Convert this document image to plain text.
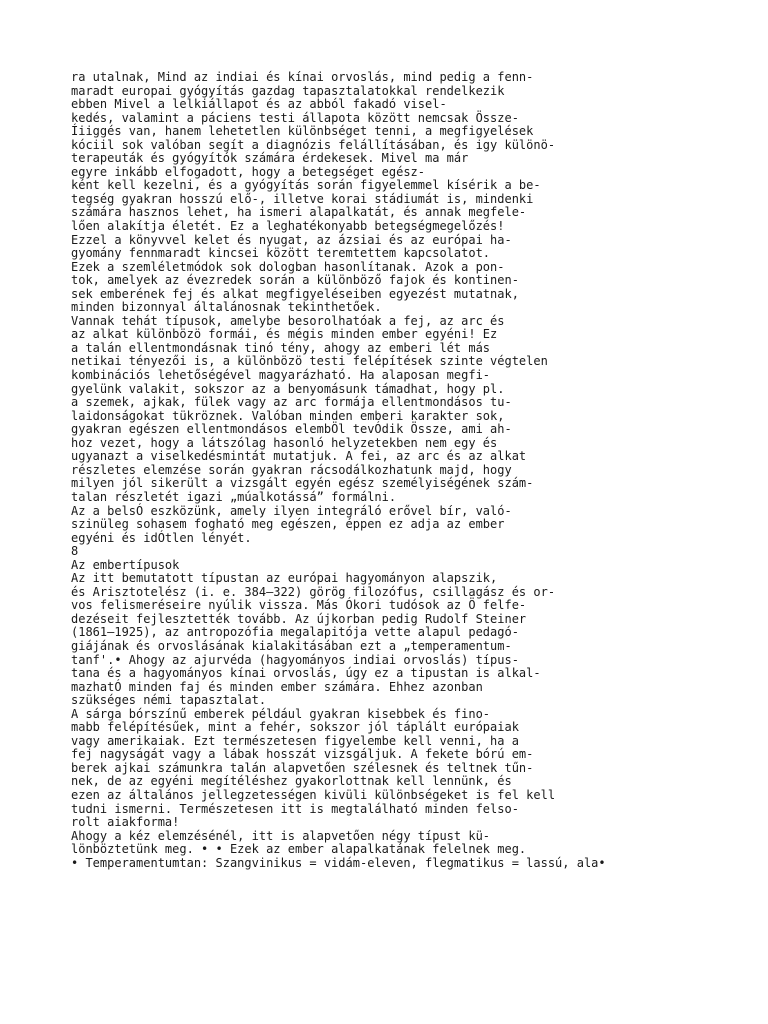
ra utalnak, Mind az indiai és kínai orvoslás, mind pedig a fenn-
maradt europai gyógyítás gazdag tapasztalatokkal rendelkezik
ebben Mivel a lelkiállapot és az abból fakadó visel-
kedés, valamint a páciens testi állapota között nemcsak Össze-
Íiiggés van, hanem lehetetlen különbséget tenni, a megfigyelések
kóciil sok valóban segít a diagnózis felállításában, és igy különö-
terapeuták és gyógyítók számára érdekesek. Mivel ma már
egyre inkább elfogadott, hogy a betegséget egész-
ként kell kezelni, és a gyógyítás során figyelemmel kísérik a be-
tegség gyakran hosszú elő-, illetve korai stádiumát is, mindenki
számára hasznos lehet, ha ismeri alapalkatát, és annak megfele-
lően alakítja életét. Ez a leghatékonyabb betegségmegelőzés!
Ezzel a könyvvel kelet és nyugat, az ázsiai és az európai ha-
gyomány fennmaradt kincsei között teremtettem kapcsolatot.
Ezek a szemléletmódok sok dologban hasonlítanak. Azok a pon-
tok, amelyek az évezredek során a különböző fajok és kontinen-
sek emberének fej és alkat megfigyeléseiben egyezést mutatnak,
minden bizonnyal általánosnak tekinthetőek.
Vannak tehát típusok, amelybe besorolhatóak a fej, az arc és
az alkat különbözö formái, és mégis minden ember egyéni! Ez
a talán ellentmondásnak tinó tény, ahogy az emberi lét más
netikai tényezői is, a különbözö testi felépítések szinte végtelen
kombinációs lehetőségével magyarázható. Ha alaposan megfi-
gyelünk valakit, sokszor az a benyomásunk támadhat, hogy pl.
a szemek, ajkak, fülek vagy az arc formája ellentmondásos tu-
laidonságokat tükröznek. Valóban minden emberi karakter sok,
gyakran egészen ellentmondásos elembÖl tevÓdik Össze, ami ah-
hoz vezet, hogy a látszólag hasonló helyzetekben nem egy és
ugyanazt a viselkedésmintát mutatjuk. A fei, az arc és az alkat
részletes elemzése során gyakran rácsodálkozhatunk majd, hogy
milyen jól sikerült a vizsgált egyén egész személyiségének szám-
talan részletét igazi „múalkotássá” formálni.
Az a belsÓ eszközünk, amely ilyen integráló erővel bír, való-
szinüleg sohasem fogható meg egészen, éppen ez adja az ember
egyéni és idÓtlen lényét.
8
Az embertípusok
Az itt bemutatott típustan az európai hagyományon alapszik,
és Arisztotelész (i. e. 384—322) görög filozófus, csillagász és or-
vos felismeréseire nyúlik vissza. Más Ókori tudósok az Ö felfe-
dezéseit fejlesztették tovább. Az újkorban pedig Rudolf Steiner
(1861—1925), az antropozófia megalapitója vette alapul pedagó-
giájának és orvoslásának kialakitásában ezt a „temperamentum-
tanf'.• Ahogy az ajurvéda (hagyományos indiai orvoslás) típus-
tana és a hagyományos kínai orvoslás, úgy ez a tipustan is alkal-
mazhatÓ minden faj és minden ember számára. Ehhez azonban
szükséges némi tapasztalat.
A sárga bórszínű emberek például gyakran kisebbek és fino-
mabb felépítésűek, mint a fehér, sokszor jól táplált európaiak
vagy amerikaiak. Ezt természetesen figyelembe kell venni, ha a
fej nagyságát vagy a lábak hosszát vizsgáljuk. A fekete bórú em-
berek ajkai számunkra talán alapvetően szélesnek és teltnek tűn-
nek, de az egyéni megítéléshez gyakorlottnak kell lennünk, és
ezen az általános jellegzetességen kivüli különbségeket is fel kell
tudni ismerni. Természetesen itt is megtalálható minden felso-
rolt aiakforma!
Ahogy a kéz elemzésénél, itt is alapvetően négy típust kü-
lönböztetünk meg. • • Ezek az ember alapalkatának felelnek meg.
• Temperamentumtan: Szangvinikus = vidám-eleven, flegmatikus = lassú, ala•
